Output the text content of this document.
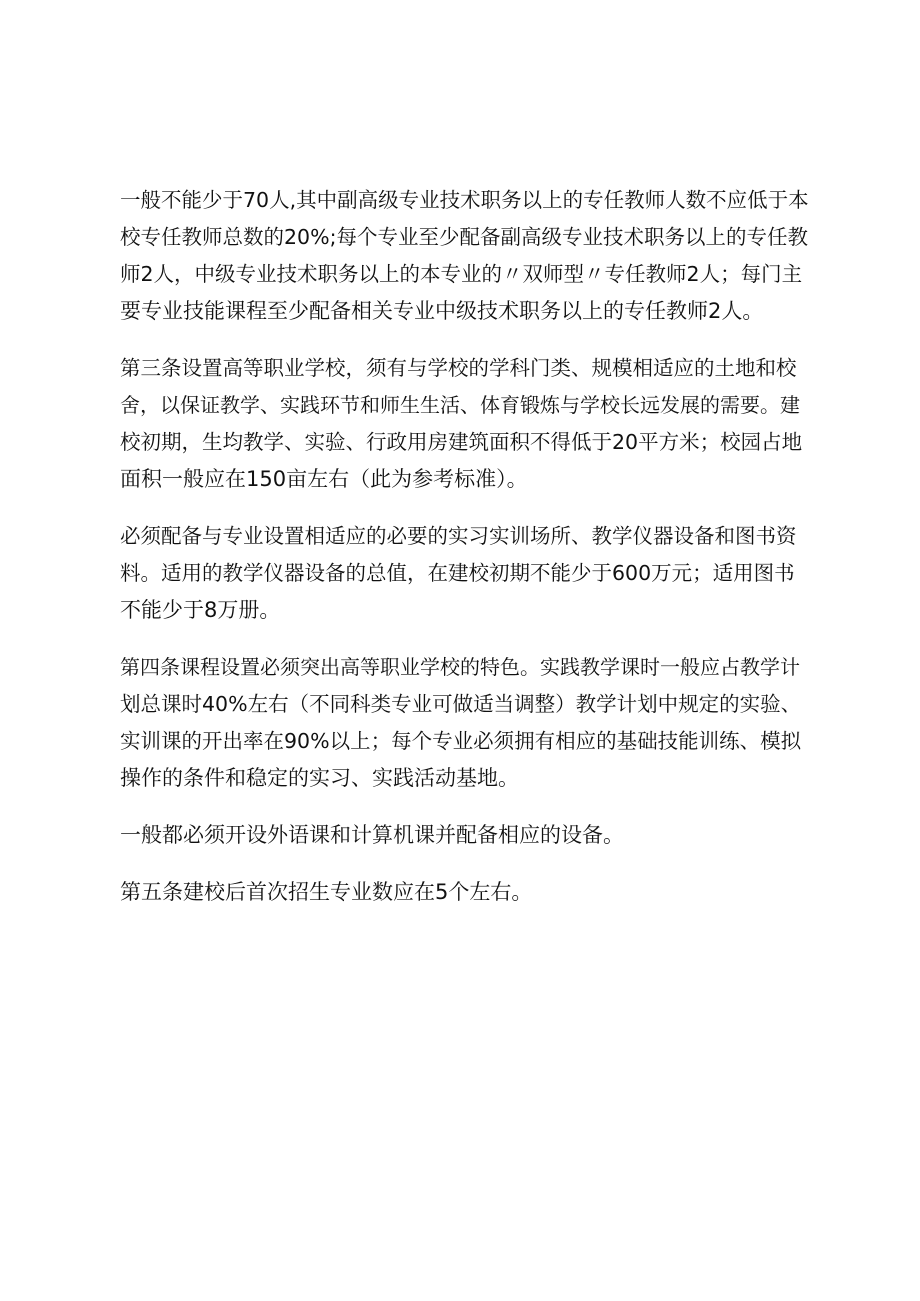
一般不能少于70人,其中副高级专业技术职务以上的专任教师人数不应低于本
校专任教师总数的20%;每个专业至少配备副高级专业技术职务以上的专任教
师2人，中级专业技术职务以上的本专业的〃双师型〃专任教师2人；每门主
要专业技能课程至少配备相关专业中级技术职务以上的专任教师2人。

第三条设置高等职业学校，须有与学校的学科门类、规模相适应的土地和校
舍，以保证教学、实践环节和师生生活、体育锻炼与学校长远发展的需要。建
校初期，生均教学、实验、行政用房建筑面积不得低于20平方米；校园占地
面积一般应在150亩左右（此为参考标准）。

必须配备与专业设置相适应的必要的实习实训场所、教学仪器设备和图书资
料。适用的教学仪器设备的总值，在建校初期不能少于600万元；适用图书
不能少于8万册。

第四条课程设置必须突出高等职业学校的特色。实践教学课时一般应占教学计
划总课时40%左右（不同科类专业可做适当调整）教学计划中规定的实验、
实训课的开出率在90%以上；每个专业必须拥有相应的基础技能训练、模拟
操作的条件和稳定的实习、实践活动基地。

一般都必须开设外语课和计算机课并配备相应的设备。

第五条建校后首次招生专业数应在5个左右。
